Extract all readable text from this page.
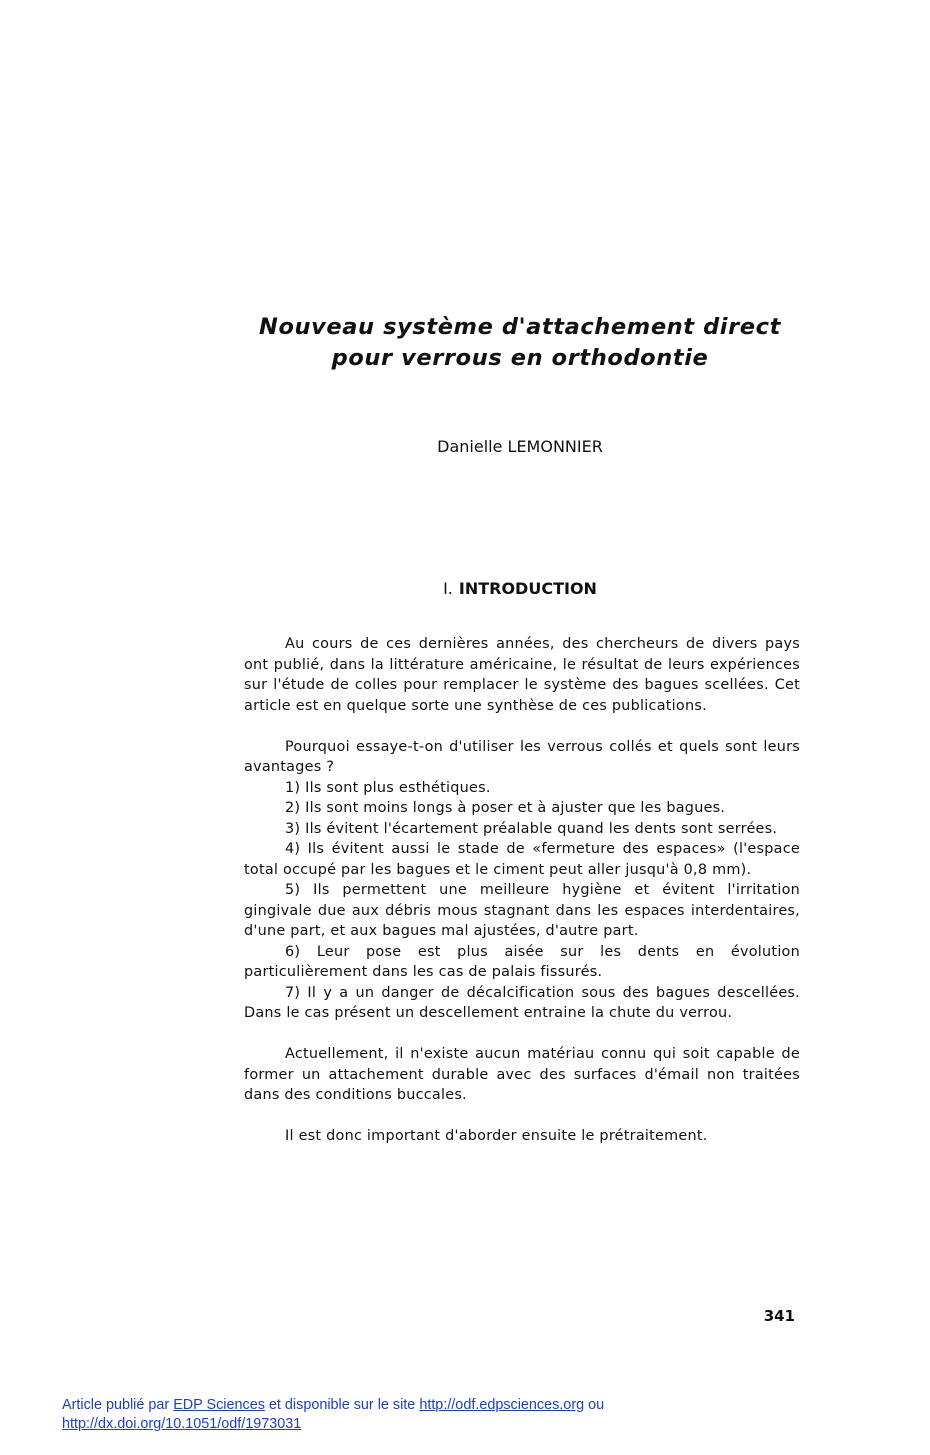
Nouveau système d'attachement direct
pour verrous en orthodontie
Danielle LEMONNIER
I. INTRODUCTION

Au cours de ces dernières années, des chercheurs de divers pays ont publié, dans la littérature américaine, le résultat de leurs expériences sur l'étude de colles pour remplacer le système des bagues scellées. Cet article est en quelque sorte une synthèse de ces publications.

Pourquoi essaye-t-on d'utiliser les verrous collés et quels sont leurs avantages ?

1) Ils sont plus esthétiques.

2) Ils sont moins longs à poser et à ajuster que les bagues.

3) Ils évitent l'écartement préalable quand les dents sont serrées.

4) Ils évitent aussi le stade de «fermeture des espaces» (l'espace total occupé par les bagues et le ciment peut aller jusqu'à 0,8 mm).

5) Ils permettent une meilleure hygiène et évitent l'irritation gingivale due aux débris mous stagnant dans les espaces interdentaires, d'une part, et aux bagues mal ajustées, d'autre part.

6) Leur pose est plus aisée sur les dents en évolution particulièrement dans les cas de palais fissurés.

7) Il y a un danger de décalcification sous des bagues descellées. Dans le cas présent un descellement entraine la chute du verrou.

Actuellement, il n'existe aucun matériau connu qui soit capable de former un attachement durable avec des surfaces d'émail non traitées dans des conditions buccales.

Il est donc important d'aborder ensuite le prétraitement.

341
Article publié par EDP Sciences et disponible sur le site http://odf.edpsciences.org ou
http://dx.doi.org/10.1051/odf/1973031
